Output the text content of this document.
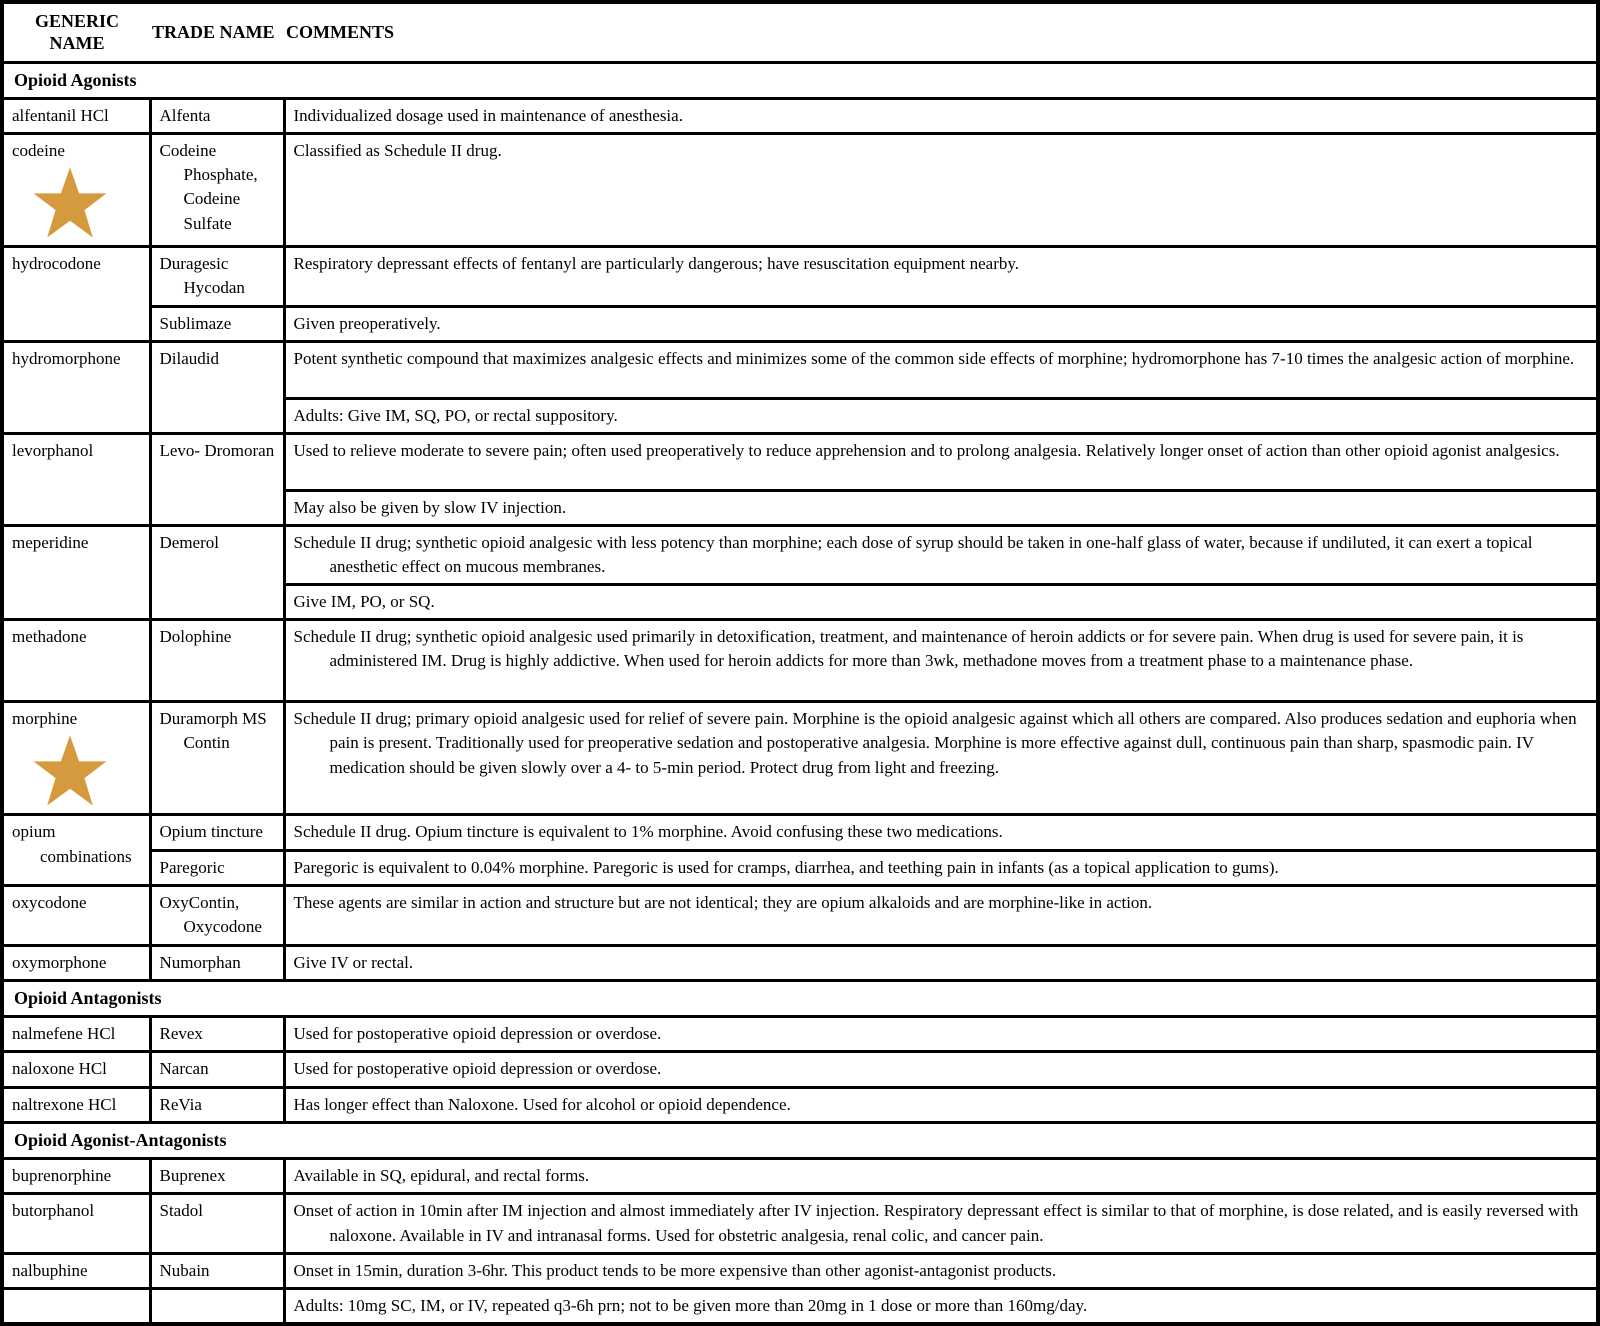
GENERIC NAME	TRADE NAME	COMMENTS
Opioid Agonists		

alfentanil HCl	Alfenta	Individualized dosage used in maintenance of anesthesia.

codeine	Codeine Phosphate, Codeine Sulfate	Classified as Schedule II drug.

hydrocodone	Duragesic Hycodan	Respiratory depressant effects of fentanyl are particularly dangerous; have resuscitation equipment nearby.

	Sublimaze	Given preoperatively.

hydromorphone	Dilaudid	Potent synthetic compound that maximizes analgesic effects and minimizes some of the common side effects of morphine; hydromorphone has 7-10 times the analgesic action of morphine.

		Adults: Give IM, SQ, PO, or rectal suppository.

levorphanol	Levo- Dromoran	Used to relieve moderate to severe pain; often used preoperatively to reduce apprehension and to prolong analgesia. Relatively longer onset of action than other opioid agonist analgesics.

		May also be given by slow IV injection.

meperidine	Demerol	Schedule II drug; synthetic opioid analgesic with less potency than morphine; each dose of syrup should be taken in one-half glass of water, because if undiluted, it can exert a topical anesthetic effect on mucous membranes.

		Give IM, PO, or SQ.

methadone	Dolophine	Schedule II drug; synthetic opioid analgesic used primarily in detoxification, treatment, and maintenance of heroin addicts or for severe pain. When drug is used for severe pain, it is administered IM. Drug is highly addictive. When used for heroin addicts for more than 3wk, methadone moves from a treatment phase to a maintenance phase.

morphine	Duramorph MS Contin	Schedule II drug; primary opioid analgesic used for relief of severe pain. Morphine is the opioid analgesic against which all others are compared. Also produces sedation and euphoria when pain is present. Traditionally used for preoperative sedation and postoperative analgesia. Morphine is more effective against dull, continuous pain than sharp, spasmodic pain. IV medication should be given slowly over a 4- to 5-min period. Protect drug from light and freezing.

opium combinations	Opium tincture	Schedule II drug. Opium tincture is equivalent to 1% morphine. Avoid confusing these two medications.

	Paregoric	Paregoric is equivalent to 0.04% morphine. Paregoric is used for cramps, diarrhea, and teething pain in infants (as a topical application to gums).

oxycodone	OxyContin, Oxycodone	These agents are similar in action and structure but are not identical; they are opium alkaloids and are morphine-like in action.

oxymorphone	Numorphan	Give IV or rectal.

Opioid Antagonists		

nalmefene HCl	Revex	Used for postoperative opioid depression or overdose.

naloxone HCl	Narcan	Used for postoperative opioid depression or overdose.

naltrexone HCl	ReVia	Has longer effect than Naloxone. Used for alcohol or opioid dependence.

Opioid Agonist-Antagonists		

buprenorphine	Buprenex	Available in SQ, epidural, and rectal forms.

butorphanol	Stadol	Onset of action in 10min after IM injection and almost immediately after IV injection. Respiratory depressant effect is similar to that of morphine, is dose related, and is easily reversed with naloxone. Available in IV and intranasal forms. Used for obstetric analgesia, renal colic, and cancer pain.

nalbuphine	Nubain	Onset in 15min, duration 3-6hr. This product tends to be more expensive than other agonist-antagonist products.

		Adults: 10mg SC, IM, or IV, repeated q3-6h prn; not to be given more than 20mg in 1 dose or more than 160mg/day.
